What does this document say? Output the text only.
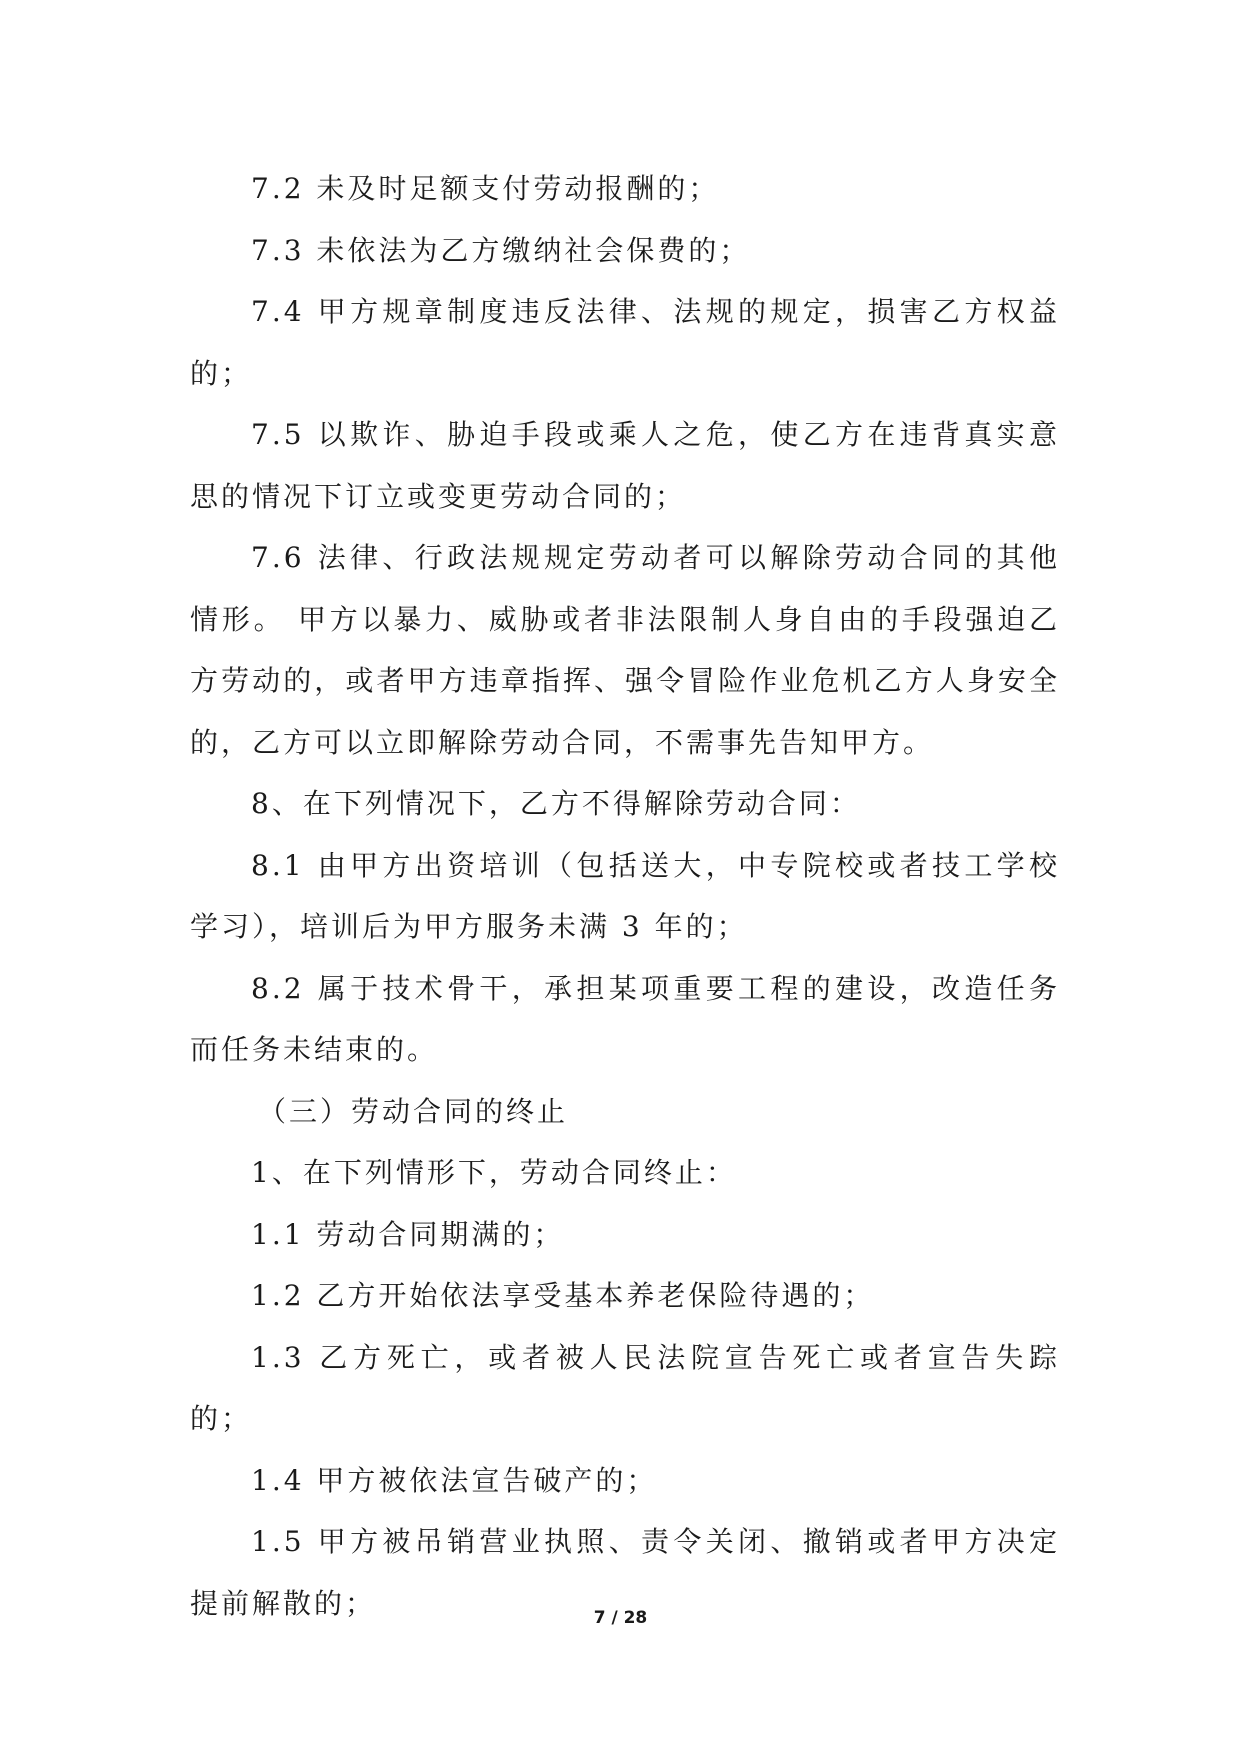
7.2 未及时足额支付劳动报酬的；

7.3 未依法为乙方缴纳社会保费的；

7.4 甲方规章制度违反法律、法规的规定，损害乙方权益的；

7.5 以欺诈、胁迫手段或乘人之危，使乙方在违背真实意思的情况下订立或变更劳动合同的；

7.6 法律、行政法规规定劳动者可以解除劳动合同的其他情形。 甲方以暴力、威胁或者非法限制人身自由的手段强迫乙方劳动的，或者甲方违章指挥、强令冒险作业危机乙方人身安全的，乙方可以立即解除劳动合同，不需事先告知甲方。

8、在下列情况下，乙方不得解除劳动合同：

8.1 由甲方出资培训（包括送大，中专院校或者技工学校学习），培训后为甲方服务未满 3 年的；

8.2 属于技术骨干，承担某项重要工程的建设，改造任务而任务未结束的。

（三）劳动合同的终止

1、在下列情形下，劳动合同终止：

1.1 劳动合同期满的；

1.2 乙方开始依法享受基本养老保险待遇的；

1.3 乙方死亡，或者被人民法院宣告死亡或者宣告失踪的；

1.4 甲方被依法宣告破产的；

1.5 甲方被吊销营业执照、责令关闭、撤销或者甲方决定提前解散的；	7 / 28
